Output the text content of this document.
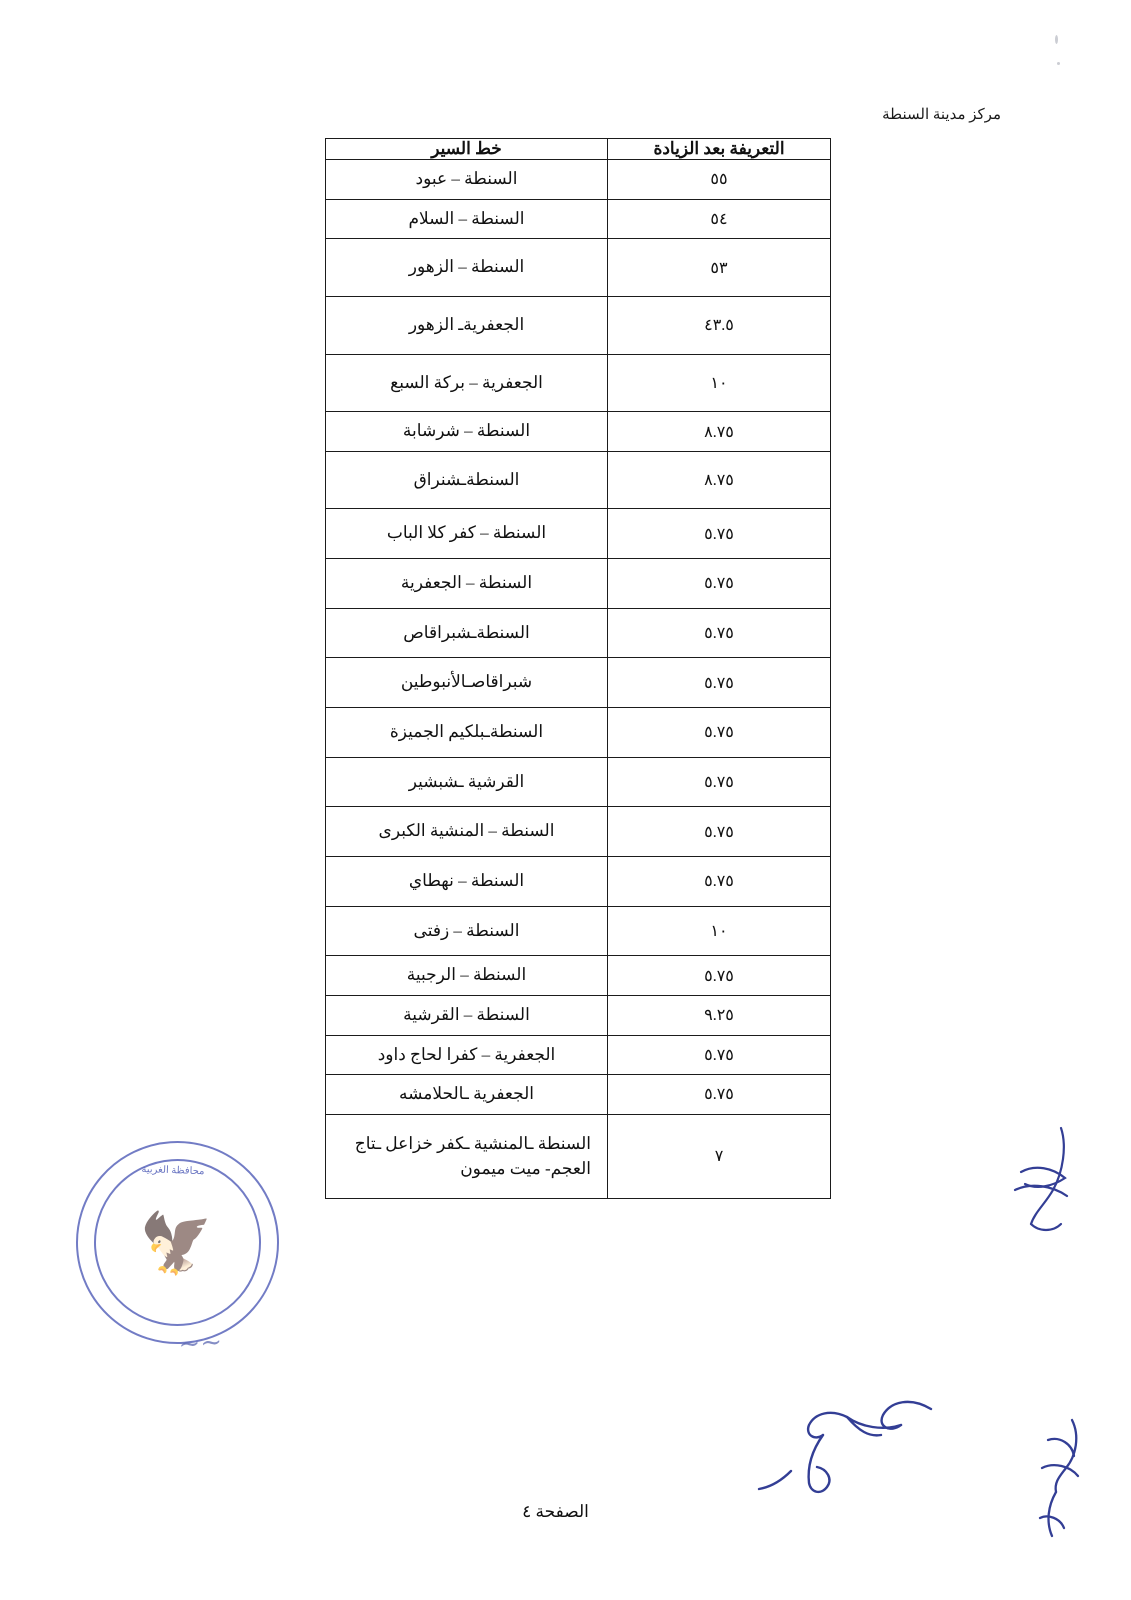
مركز مدينة السنطة
التعريفة بعد الزيادة	خط السير
٥٥	السنطة – عبود
٥٤	السنطة – السلام
٥٣	السنطة – الزهور
٤٣.٥	الجعفريةـ الزهور
١٠	الجعفرية – بركة السبع
٨.٧٥	السنطة – شرشابة
٨.٧٥	السنطةـشنراق
٥.٧٥	السنطة – كفر كلا الباب
٥.٧٥	السنطة – الجعفرية
٥.٧٥	السنطةـشبراقاص
٥.٧٥	شبراقاصـالأنبوطين
٥.٧٥	السنطةـبلكيم الجميزة
٥.٧٥	القرشية ـشبشير
٥.٧٥	السنطة – المنشية الكبرى
٥.٧٥	السنطة – نهطاي
١٠	السنطة – زفتى
٥.٧٥	السنطة – الرجبية
٩.٢٥	السنطة – القرشية
٥.٧٥	الجعفرية – كفرا لحاج داود
٥.٧٥	الجعفرية ـالحلامشه
٧	السنطة ـالمنشية ـكفر خزاعل ـتاج العجم- ميت ميمون
محافظة الغربية
🦅
∽∽
الصفحة ٤
